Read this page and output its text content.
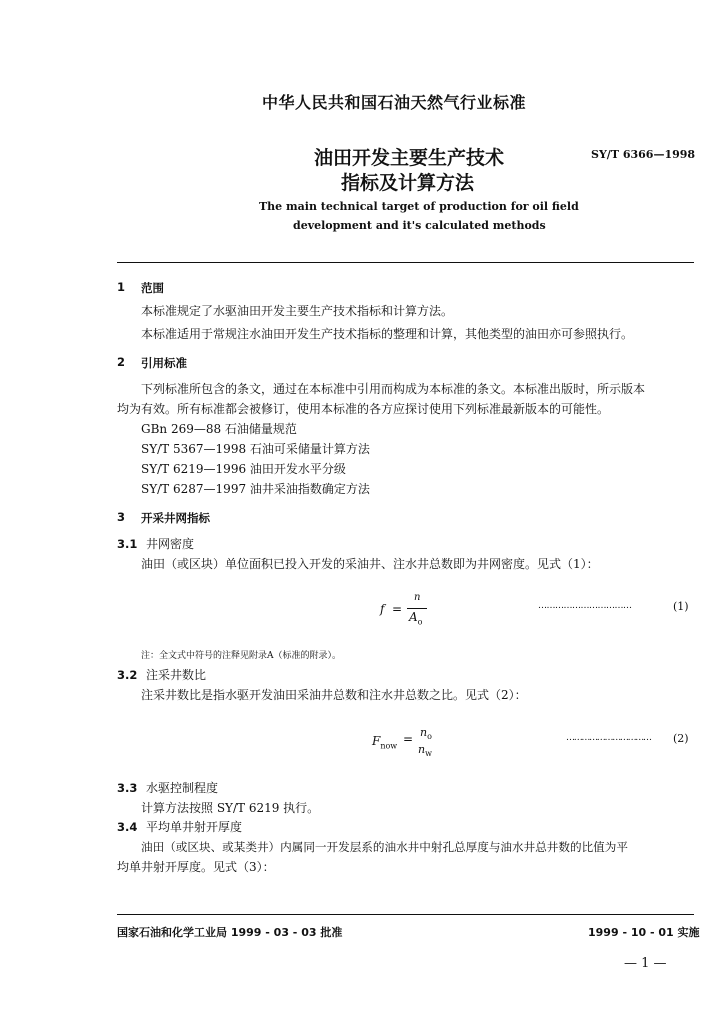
中华人民共和国石油天然气行业标准
油田开发主要生产技术
指标及计算方法
SY/T 6366—1998
The main technical target of production for oil field
development and it's calculated methods
1 范围
本标准规定了水驱油田开发主要生产技术指标和计算方法。
本标准适用于常规注水油田开发生产技术指标的整理和计算，其他类型的油田亦可参照执行。
2 引用标准
下列标准所包含的条文，通过在本标准中引用而构成为本标准的条文。本标准出版时，所示版本
均为有效。所有标准都会被修订，使用本标准的各方应探讨使用下列标准最新版本的可能性。
GBn 269—88 石油储量规范
SY/T 5367—1998 石油可采储量计算方法
SY/T 6219—1996 油田开发水平分级
SY/T 6287—1997 油井采油指数确定方法
3 开采井网指标
3.1 井网密度
油田（或区块）单位面积已投入开发的采油井、注水井总数即为井网密度。见式（1）：
f =
n
$A_o$
……………………………	(1)
注：全文式中符号的注释见附录A（标准的附录）。
3.2 注采井数比
注采井数比是指水驱开发油田采油井总数和注水井总数之比。见式（2）：
$F_{now} = n_o$
$n_w$
…………………………… (2)
3.3 水驱控制程度
计算方法按照 SY/T 6219 执行。
3.4 平均单井射开厚度
油田（或区块、或某类井）内属同一开发层系的油水井中射孔总厚度与油水井总井数的比值为平
均单井射开厚度。见式（3）：
国家石油和化学工业局 1999 - 03 - 03 批准	1999 - 10 - 01 实施
— 1 —
